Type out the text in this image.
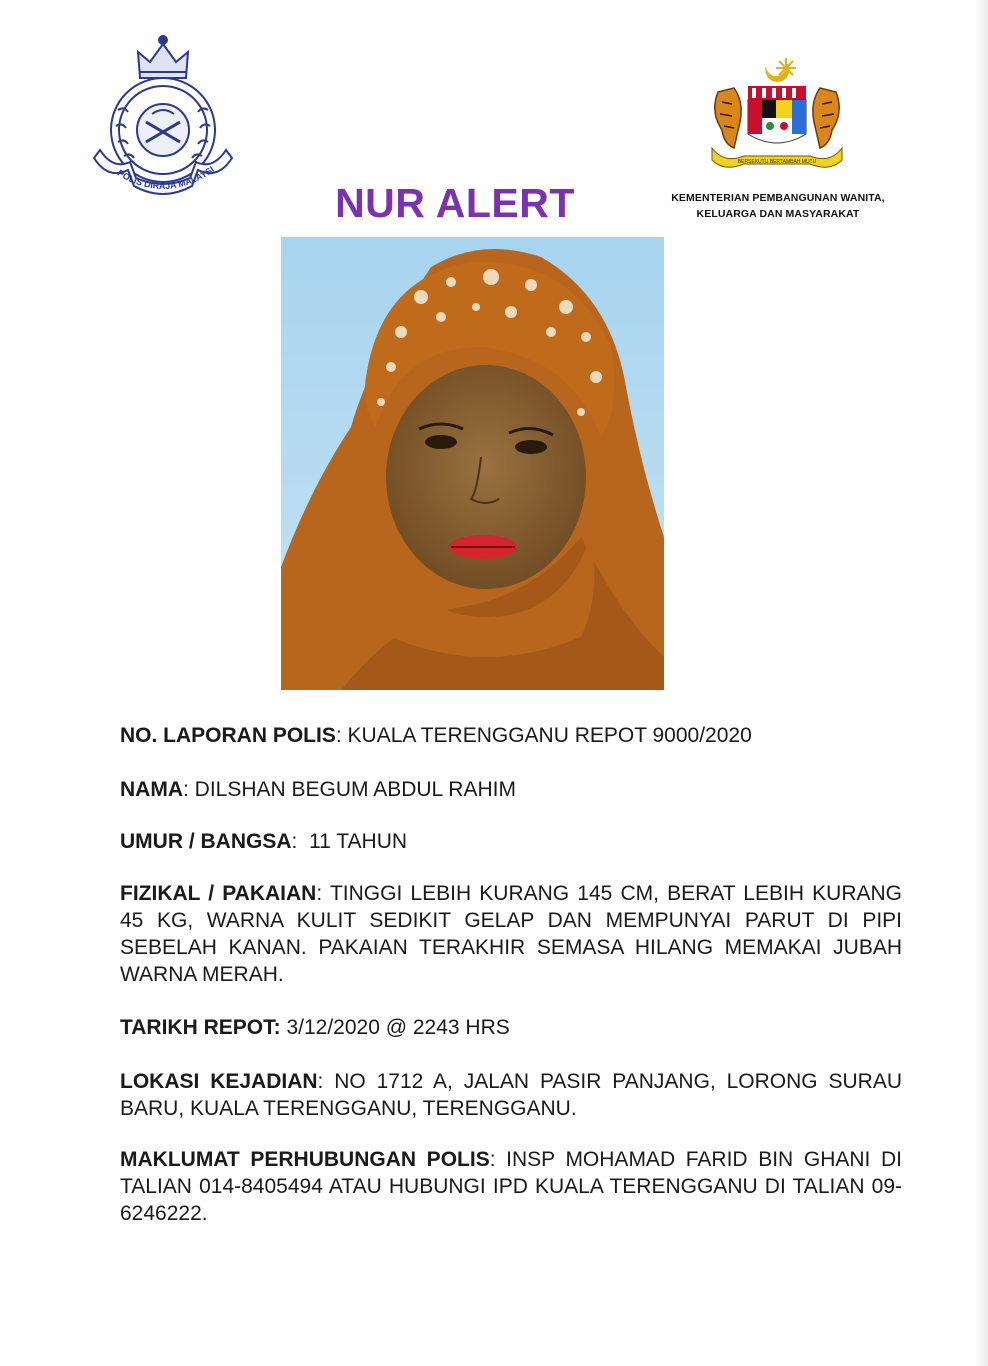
POLIS DIRAJA MALAYSI
BERSEKUTU BERTAMBAH MUTU
KEMENTERIAN PEMBANGUNAN WANITA,
KELUARGA DAN MASYARAKAT
NUR ALERT

NO. LAPORAN POLIS: KUALA TERENGGANU REPOT 9000/2020

NAMA: DILSHAN BEGUM ABDUL RAHIM

UMUR / BANGSA:  11 TAHUN

FIZIKAL / PAKAIAN: TINGGI LEBIH KURANG 145 CM, BERAT LEBIH KURANG 45 KG, WARNA KULIT SEDIKIT GELAP DAN MEMPUNYAI PARUT DI PIPI SEBELAH KANAN. PAKAIAN TERAKHIR SEMASA HILANG MEMAKAI JUBAH WARNA MERAH.

TARIKH REPOT: 3/12/2020 @ 2243 HRS

LOKASI KEJADIAN: NO 1712 A, JALAN PASIR PANJANG, LORONG SURAU BARU, KUALA TERENGGANU, TERENGGANU.

MAKLUMAT PERHUBUNGAN POLIS: INSP MOHAMAD FARID BIN GHANI DI TALIAN 014-8405494 ATAU HUBUNGI IPD KUALA TERENGGANU DI TALIAN 09-6246222.
